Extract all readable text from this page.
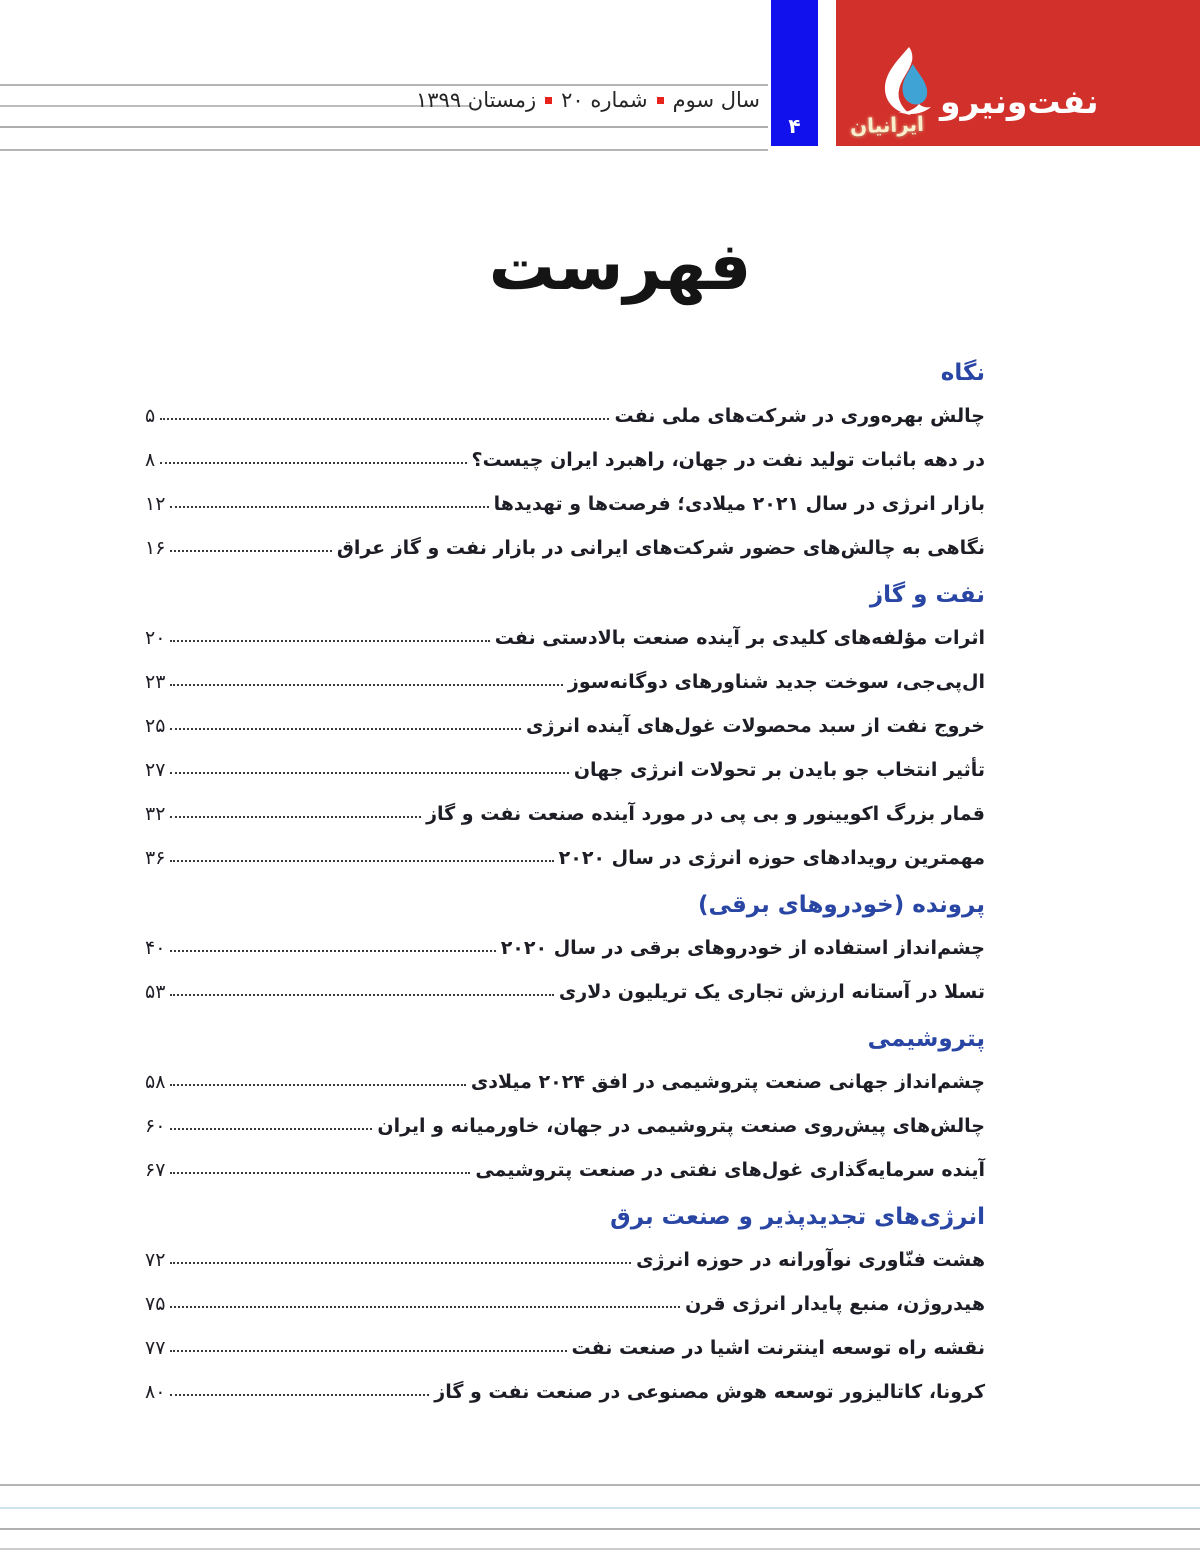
سال سوم
شماره ۲۰
زمستان ۱۳۹۹
۴
نفت‌ونیرو
ایرانیان
فهرست
نگاه
چالش بهره‌وری در شرکت‌های ملی نفت
۵
در دهه باثبات تولید نفت در جهان، راهبرد ایران چیست؟
۸
بازار انرژی در سال ۲۰۲۱ میلادی؛ فرصت‌ها و تهدیدها
۱۲
نگاهی به چالش‌های حضور شرکت‌های ایرانی در بازار نفت و گاز عراق
۱۶
نفت و گاز
اثرات مؤلفه‌های کلیدی بر آینده صنعت بالادستی نفت
۲۰
ال‌پی‌جی، سوخت جدید شناورهای دوگانه‌سوز
۲۳
خروج نفت از سبد محصولات غول‌های آینده انرژی
۲۵
تأثیر انتخاب جو بایدن بر تحولات انرژی جهان
۲۷
قمار بزرگ اکویینور و بی پی در مورد آینده صنعت نفت و گاز
۳۲
مهمترین رویدادهای حوزه انرژی در سال ۲۰۲۰
۳۶
پرونده (خودروهای برقی)
چشم‌انداز استفاده از خودروهای برقی در سال ۲۰۲۰
۴۰
تسلا در آستانه ارزش تجاری یک تریلیون دلاری
۵۳
پتروشیمی
چشم‌انداز جهانی صنعت پتروشیمی در افق ۲۰۲۴ میلادی
۵۸
چالش‌های پیش‌روی صنعت پتروشیمی در جهان، خاورمیانه و ایران
۶۰
آینده سرمایه‌گذاری غول‌های نفتی در صنعت پتروشیمی
۶۷
انرژی‌های تجدیدپذیر و صنعت برق
هشت فنّاوری نوآورانه در حوزه انرژی
۷۲
هیدروژن، منبع پایدار انرژی قرن
۷۵
نقشه راه توسعه اینترنت اشیا در صنعت نفت
۷۷
کرونا، کاتالیزور توسعه هوش مصنوعی در صنعت نفت و گاز
۸۰
